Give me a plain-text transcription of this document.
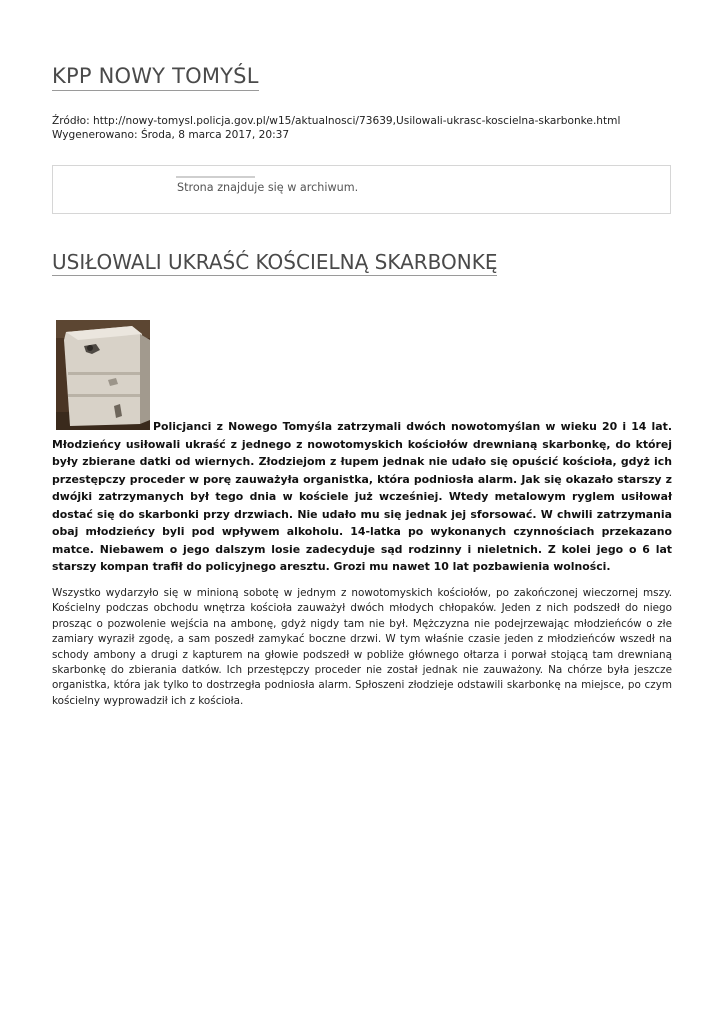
KPP NOWY TOMYŚL
Źródło: http://nowy-tomysl.policja.gov.pl/w15/aktualnosci/73639,Usilowali-ukrasc-koscielna-skarbonke.html
Wygenerowano: Środa, 8 marca 2017, 20:37
Strona znajduje się w archiwum.
USIŁOWALI UKRAŚĆ KOŚCIELNĄ SKARBONKĘ

Policjanci z Nowego Tomyśla zatrzymali dwóch nowotomyślan w wieku 20 i 14 lat. Młodzieńcy usiłowali ukraść z jednego z nowotomyskich kościołów drewnianą skarbonkę, do której były zbierane datki od wiernych. Złodziejom z łupem jednak nie udało się opuścić kościoła, gdyż ich przestępczy proceder w porę zauważyła organistka, która podniosła alarm. Jak się okazało starszy z dwójki zatrzymanych był tego dnia w kościele już wcześniej. Wtedy metalowym ryglem usiłował dostać się do skarbonki przy drzwiach. Nie udało mu się jednak jej sforsować. W chwili zatrzymania obaj młodzieńcy byli pod wpływem alkoholu. 14-latka po wykonanych czynnościach przekazano matce. Niebawem o jego dalszym losie zadecyduje sąd rodzinny i nieletnich. Z kolei jego o 6 lat starszy kompan trafił do policyjnego aresztu. Grozi mu nawet 10 lat pozbawienia wolności.

Wszystko wydarzyło się w minioną sobotę w jednym z nowotomyskich kościołów, po zakończonej wieczornej mszy. Kościelny podczas obchodu wnętrza kościoła zauważył dwóch młodych chłopaków. Jeden z nich podszedł do niego prosząc o pozwolenie wejścia na ambonę, gdyż nigdy tam nie był. Mężczyzna nie podejrzewając młodzieńców o złe zamiary wyraził zgodę, a sam poszedł zamykać boczne drzwi. W tym właśnie czasie jeden z młodzieńców wszedł na schody ambony a drugi z kapturem na głowie podszedł w pobliże głównego ołtarza i porwał stojącą tam drewnianą skarbonkę do zbierania datków. Ich przestępczy proceder nie został jednak nie zauważony. Na chórze była jeszcze organistka, która jak tylko to dostrzegła podniosła alarm. Spłoszeni złodzieje odstawili skarbonkę na miejsce, po czym kościelny wyprowadził ich z kościoła.
